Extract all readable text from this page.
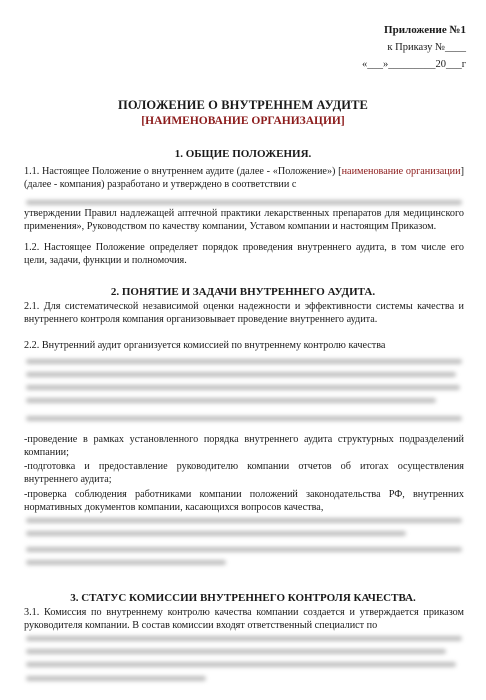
Приложение №1
к Приказу №____
«___»_________20___г
ПОЛОЖЕНИЕ О ВНУТРЕННЕМ АУДИТЕ
[НАИМЕНОВАНИЕ ОРГАНИЗАЦИИ]
1. ОБЩИЕ ПОЛОЖЕНИЯ.
1.1. Настоящее Положение о внутреннем аудите (далее - «Положение») [наименование организации] (далее - компания) разработано и утверждено в соответствии с
утверждении Правил надлежащей аптечной практики лекарственных препаратов для медицинского применения», Руководством по качеству компании, Уставом компании и настоящим Приказом.
1.2. Настоящее Положение определяет порядок проведения внутреннего аудита, в том числе его цели, задачи, функции и полномочия.
2. ПОНЯТИЕ И ЗАДАЧИ ВНУТРЕННЕГО АУДИТА.
2.1. Для систематической независимой оценки надежности и эффективности системы качества и внутреннего контроля компания организовывает проведение внутреннего аудита.
2.2. Внутренний аудит организуется комиссией по внутреннему контролю качества
-проведение в рамках установленного порядка внутреннего аудита структурных подразделений компании;
-подготовка и предоставление руководителю компании отчетов об итогах осуществления внутреннего аудита;
-проверка соблюдения работниками компании положений законодательства РФ, внутренних нормативных документов компании, касающихся вопросов качества,
3. СТАТУС КОМИССИИ ВНУТРЕННЕГО КОНТРОЛЯ КАЧЕСТВА.
3.1. Комиссия по внутреннему контролю качества компании создается и утверждается приказом руководителя компании. В состав комиссии входят ответственный специалист по
